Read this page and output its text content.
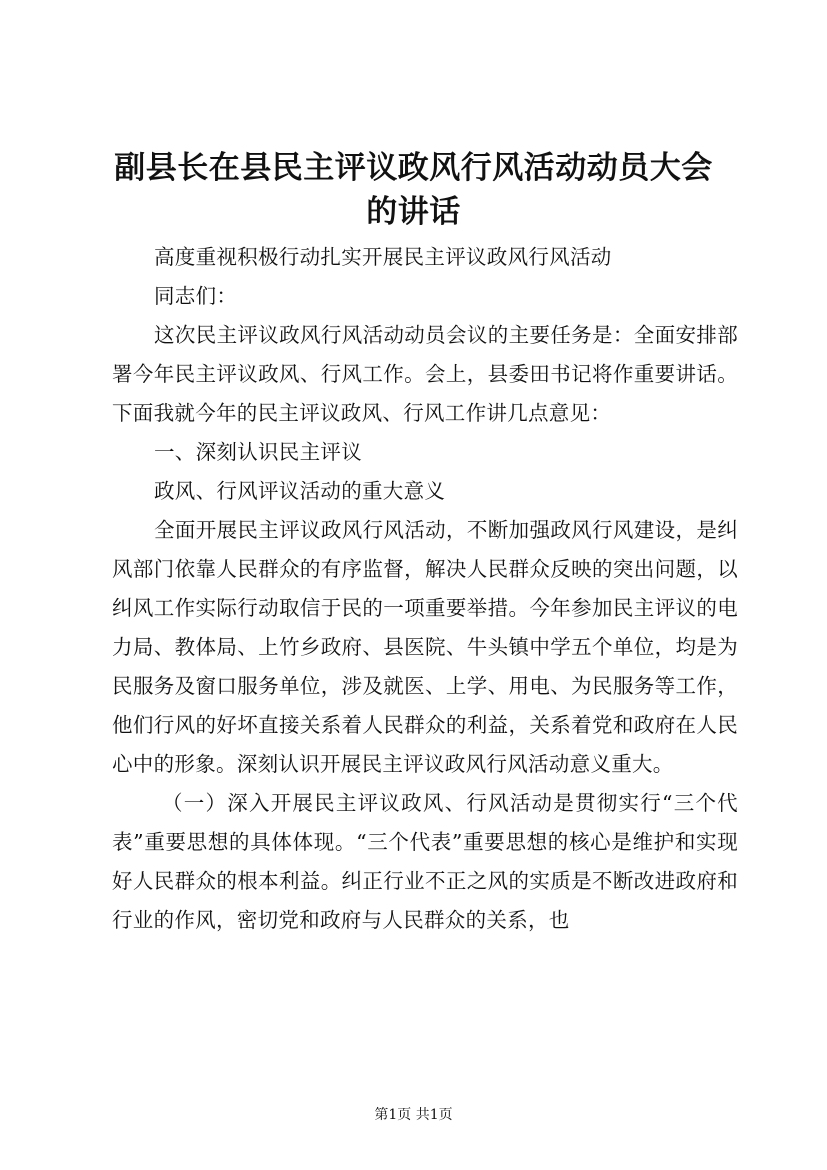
副县长在县民主评议政风行风活动动员大会的讲话

高度重视积极行动扎实开展民主评议政风行风活动

同志们：

这次民主评议政风行风活动动员会议的主要任务是：全面安排部署今年民主评议政风、行风工作。会上，县委田书记将作重要讲话。下面我就今年的民主评议政风、行风工作讲几点意见：

一、深刻认识民主评议

政风、行风评议活动的重大意义

全面开展民主评议政风行风活动，不断加强政风行风建设，是纠风部门依靠人民群众的有序监督，解决人民群众反映的突出问题，以纠风工作实际行动取信于民的一项重要举措。今年参加民主评议的电力局、教体局、上竹乡政府、县医院、牛头镇中学五个单位，均是为民服务及窗口服务单位，涉及就医、上学、用电、为民服务等工作，他们行风的好坏直接关系着人民群众的利益，关系着党和政府在人民心中的形象。深刻认识开展民主评议政风行风活动意义重大。

（一）深入开展民主评议政风、行风活动是贯彻实行“三个代表”重要思想的具体体现。“三个代表”重要思想的核心是维护和实现好人民群众的根本利益。纠正行业不正之风的实质是不断改进政府和行业的作风，密切党和政府与人民群众的关系，也

第1页 共1页
